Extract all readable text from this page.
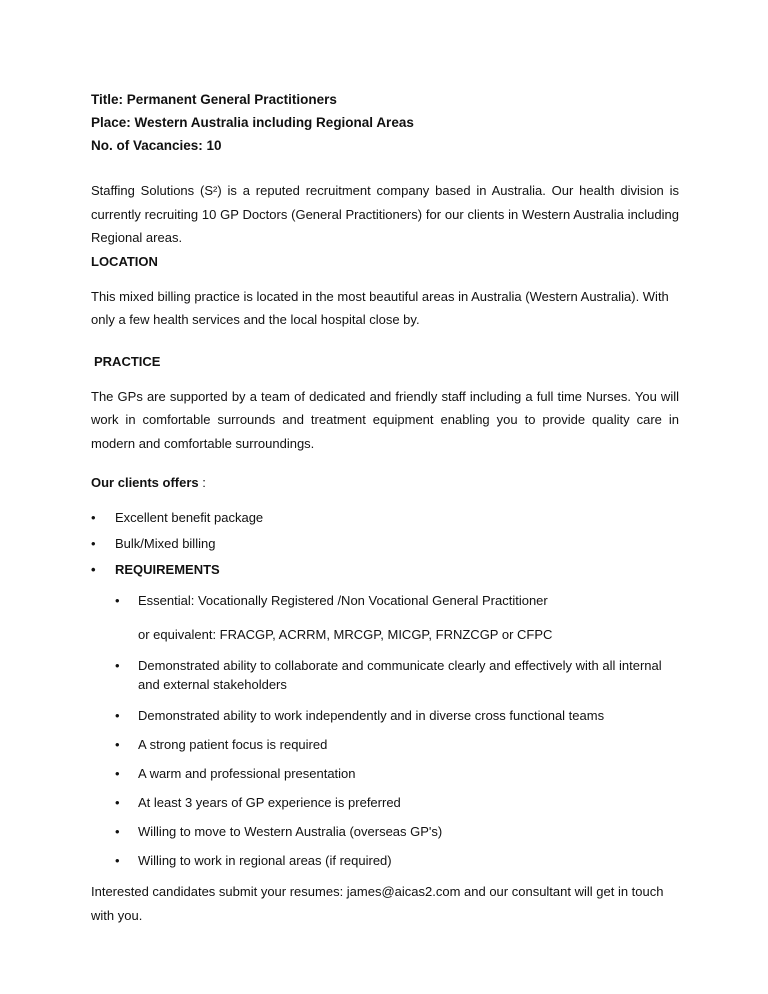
Title: Permanent General Practitioners
Place: Western Australia including Regional Areas
No. of Vacancies: 10
Staffing Solutions (S²) is a reputed recruitment company based in Australia. Our health division is currently recruiting 10 GP Doctors (General Practitioners) for our clients in Western Australia including Regional areas.
LOCATION
This mixed billing practice is located in the most beautiful areas in Australia (Western Australia). With only a few health services and the local hospital close by.
PRACTICE
The GPs are supported by a team of dedicated and friendly staff including a full time Nurses. You will work in comfortable surrounds and treatment equipment enabling you to provide quality care in modern and comfortable surroundings.
Our clients offers :
• Excellent benefit package
• Bulk/Mixed billing
• REQUIREMENTS
• Essential: Vocationally Registered /Non Vocational General Practitioner
or equivalent: FRACGP, ACRRM, MRCGP, MICGP, FRNZCGP or CFPC
• Demonstrated ability to collaborate and communicate clearly and effectively with all internal and external stakeholders
• Demonstrated ability to work independently and in diverse cross functional teams
• A strong patient focus is required
• A warm and professional presentation
• At least 3 years of GP experience is preferred
• Willing to move to Western Australia (overseas GP's)
• Willing to work in regional areas (if required)
Interested candidates submit your resumes: james@aicas2.com and our consultant will get in touch with you.
